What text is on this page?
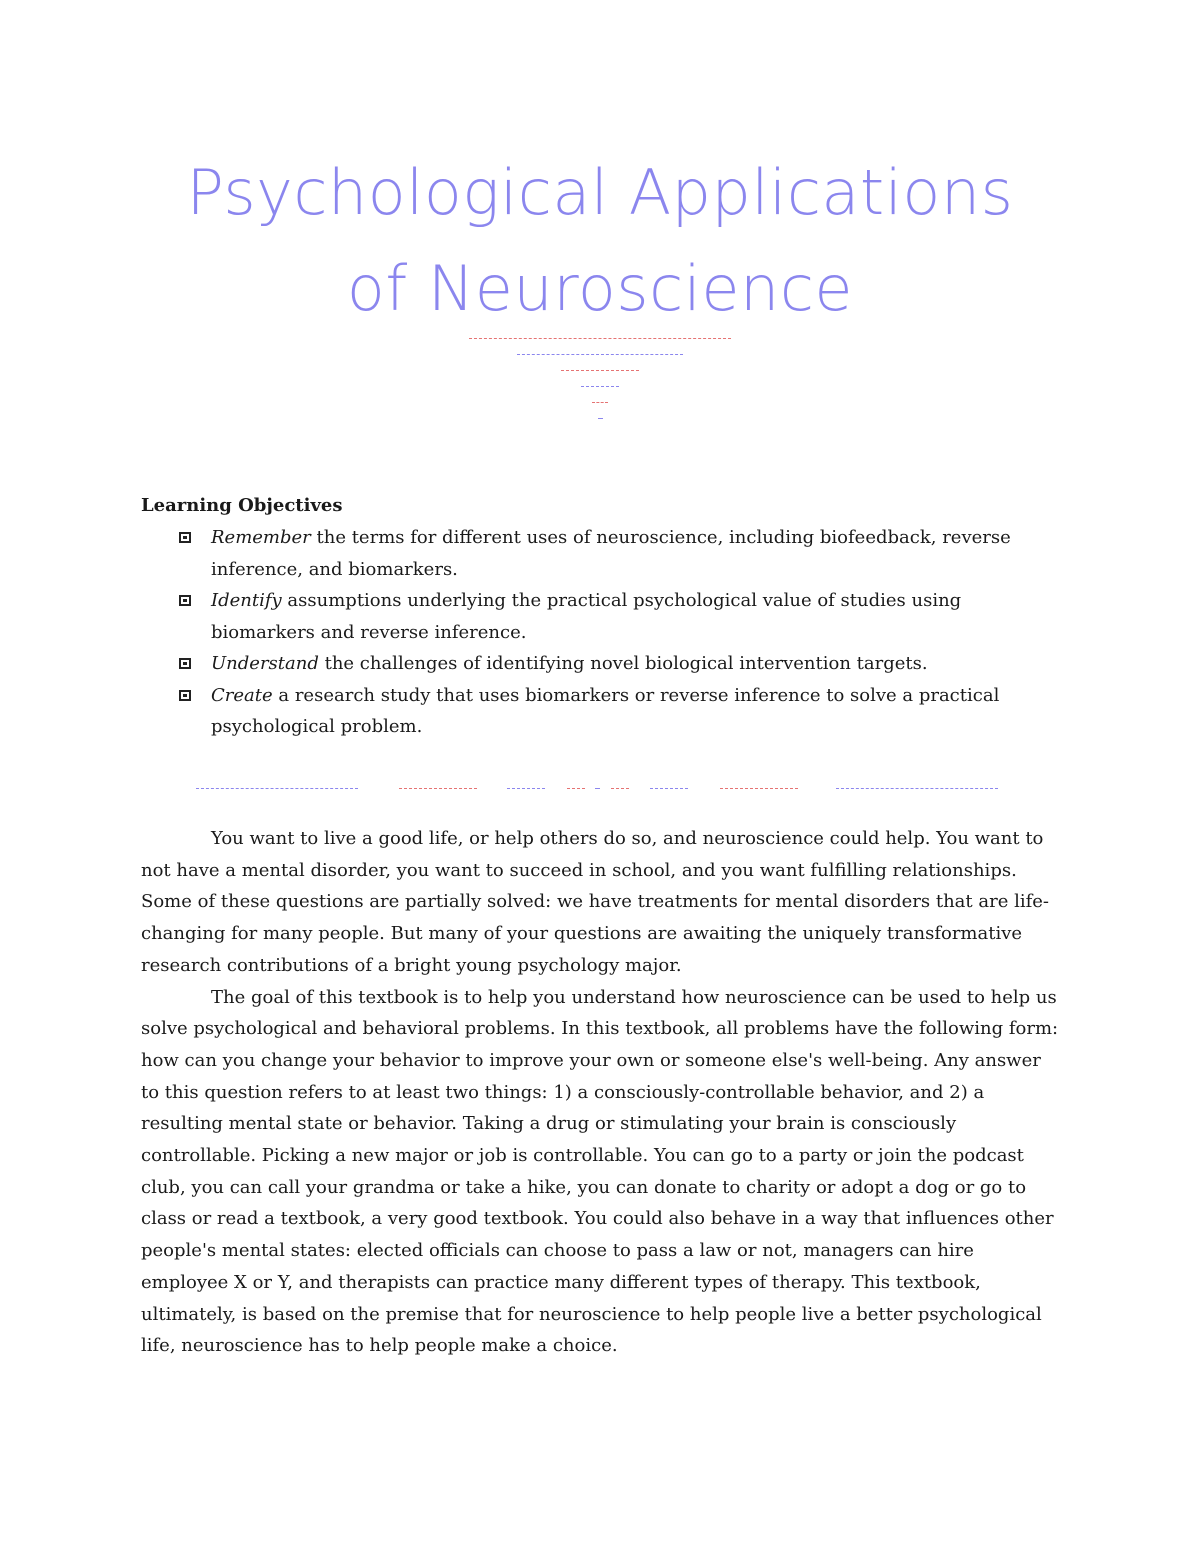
Psychological Applications
of Neuroscience
Learning Objectives
Remember the terms for different uses of neuroscience, including biofeedback, reverse inference, and biomarkers.
Identify assumptions underlying the practical psychological value of studies using biomarkers and reverse inference.
Understand the challenges of identifying novel biological intervention targets.
Create a research study that uses biomarkers or reverse inference to solve a practical psychological problem.

You want to live a good life, or help others do so, and neuroscience could help. You want to not have a mental disorder, you want to succeed in school, and you want fulfilling relationships. Some of these questions are partially solved: we have treatments for mental disorders that are life-changing for many people. But many of your questions are awaiting the uniquely transformative research contributions of a bright young psychology major.

The goal of this textbook is to help you understand how neuroscience can be used to help us solve psychological and behavioral problems. In this textbook, all problems have the following form: how can you change your behavior to improve your own or someone else's well-being. Any answer to this question refers to at least two things: 1) a consciously-controllable behavior, and 2) a resulting mental state or behavior. Taking a drug or stimulating your brain is consciously controllable. Picking a new major or job is controllable. You can go to a party or join the podcast club, you can call your grandma or take a hike, you can donate to charity or adopt a dog or go to class or read a textbook, a very good textbook. You could also behave in a way that influences other people's mental states: elected officials can choose to pass a law or not, managers can hire employee X or Y, and therapists can practice many different types of therapy. This textbook, ultimately, is based on the premise that for neuroscience to help people live a better psychological life, neuroscience has to help people make a choice.
